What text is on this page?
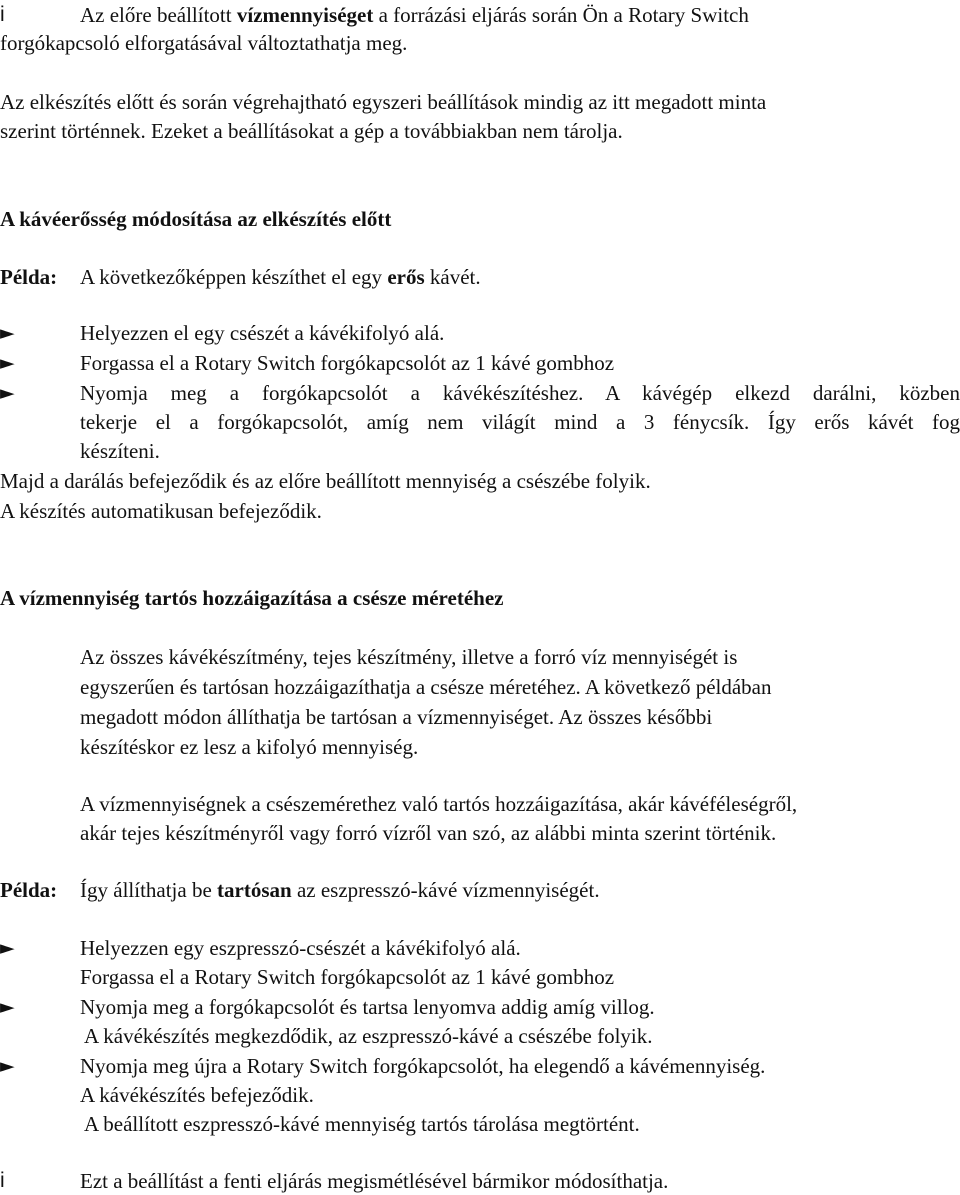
i	Az előre beállított vízmennyiséget a forrázási eljárás során Ön a Rotary Switch
forgókapcsoló elforgatásával változtathatja meg.
Az elkészítés előtt és során végrehajtható egyszeri beállítások mindig az itt megadott minta
szerint történnek. Ezeket a beállításokat a gép a továbbiakban nem tárolja.
A kávéerősség módosítása az elkészítés előtt
Példa: A következőképpen készíthet el egy erős kávét.
►	Helyezzen el egy csészét a kávékifolyó alá.
►	Forgassa el a Rotary Switch forgókapcsolót az 1 kávé gombhoz
►	Nyomja meg a forgókapcsolót a kávékészítéshez. A kávégép elkezd darálni, közben
tekerje el a forgókapcsolót, amíg nem világít mind a 3 fénycsík. Így erős kávét fog
készíteni.
Majd a darálás befejeződik és az előre beállított mennyiség a csészébe folyik.
A készítés automatikusan befejeződik.
A vízmennyiség tartós hozzáigazítása a csésze méretéhez
Az összes kávékészítmény, tejes készítmény, illetve a forró víz mennyiségét is
egyszerűen és tartósan hozzáigazíthatja a csésze méretéhez. A következő példában
megadott módon állíthatja be tartósan a vízmennyiséget. Az összes későbbi
készítéskor ez lesz a kifolyó mennyiség.
A vízmennyiségnek a csészemérethez való tartós hozzáigazítása, akár kávéféleségről,
akár tejes készítményről vagy forró vízről van szó, az alábbi minta szerint történik.
Példa: Így állíthatja be tartósan az eszpresszó-kávé vízmennyiségét.
►	Helyezzen egy eszpresszó-csészét a kávékifolyó alá.
Forgassa el a Rotary Switch forgókapcsolót az 1 kávé gombhoz
►	Nyomja meg a forgókapcsolót és tartsa lenyomva addig amíg villog.
A kávékészítés megkezdődik, az eszpresszó-kávé a csészébe folyik.
►	Nyomja meg újra a Rotary Switch forgókapcsolót, ha elegendő a kávémennyiség.
A kávékészítés befejeződik.
A beállított eszpresszó-kávé mennyiség tartós tárolása megtörtént.
i	Ezt a beállítást a fenti eljárás megismétlésével bármikor módosíthatja.
